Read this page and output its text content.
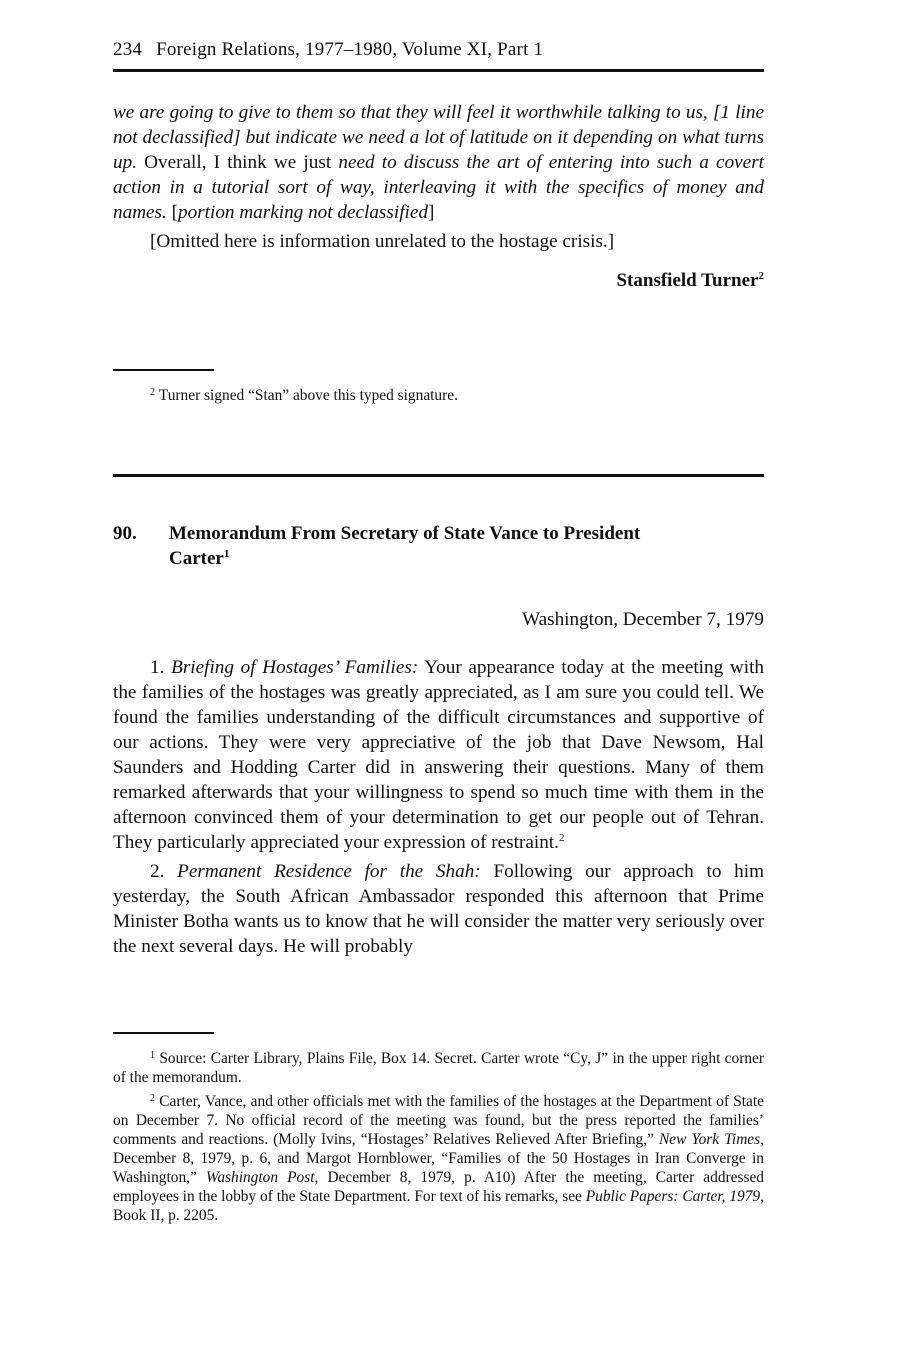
234 Foreign Relations, 1977–1980, Volume XI, Part 1

we are going to give to them so that they will feel it worthwhile talking to us, [1 line not declassified] but indicate we need a lot of latitude on it depending on what turns up. Overall, I think we just need to discuss the art of entering into such a covert action in a tutorial sort of way, interleaving it with the specifics of money and names. [portion marking not declassified]

[Omitted here is information unrelated to the hostage crisis.]

Stansfield Turner$^2$

$^2$ Turner signed “Stan” above this typed signature.

90. Memorandum From Secretary of State Vance to President Carter$^1$
Washington, December 7, 1979

1. Briefing of Hostages’ Families: Your appearance today at the meeting with the families of the hostages was greatly appreciated, as I am sure you could tell. We found the families understanding of the difficult circumstances and supportive of our actions. They were very appreciative of the job that Dave Newsom, Hal Saunders and Hodding Carter did in answering their questions. Many of them remarked afterwards that your willingness to spend so much time with them in the afternoon convinced them of your determination to get our people out of Tehran. They particularly appreciated your expression of restraint.$^2$

2. Permanent Residence for the Shah: Following our approach to him yesterday, the South African Ambassador responded this afternoon that Prime Minister Botha wants us to know that he will consider the matter very seriously over the next several days. He will probably

$^1$ Source: Carter Library, Plains File, Box 14. Secret. Carter wrote “Cy, J” in the upper right corner of the memorandum.

$^2$ Carter, Vance, and other officials met with the families of the hostages at the Department of State on December 7. No official record of the meeting was found, but the press reported the families’ comments and reactions. (Molly Ivins, “Hostages’ Relatives Relieved After Briefing,” New York Times, December 8, 1979, p. 6, and Margot Hornblower, “Families of the 50 Hostages in Iran Converge in Washington,” Washington Post, December 8, 1979, p. A10) After the meeting, Carter addressed employees in the lobby of the State Department. For text of his remarks, see Public Papers: Carter, 1979, Book II, p. 2205.
